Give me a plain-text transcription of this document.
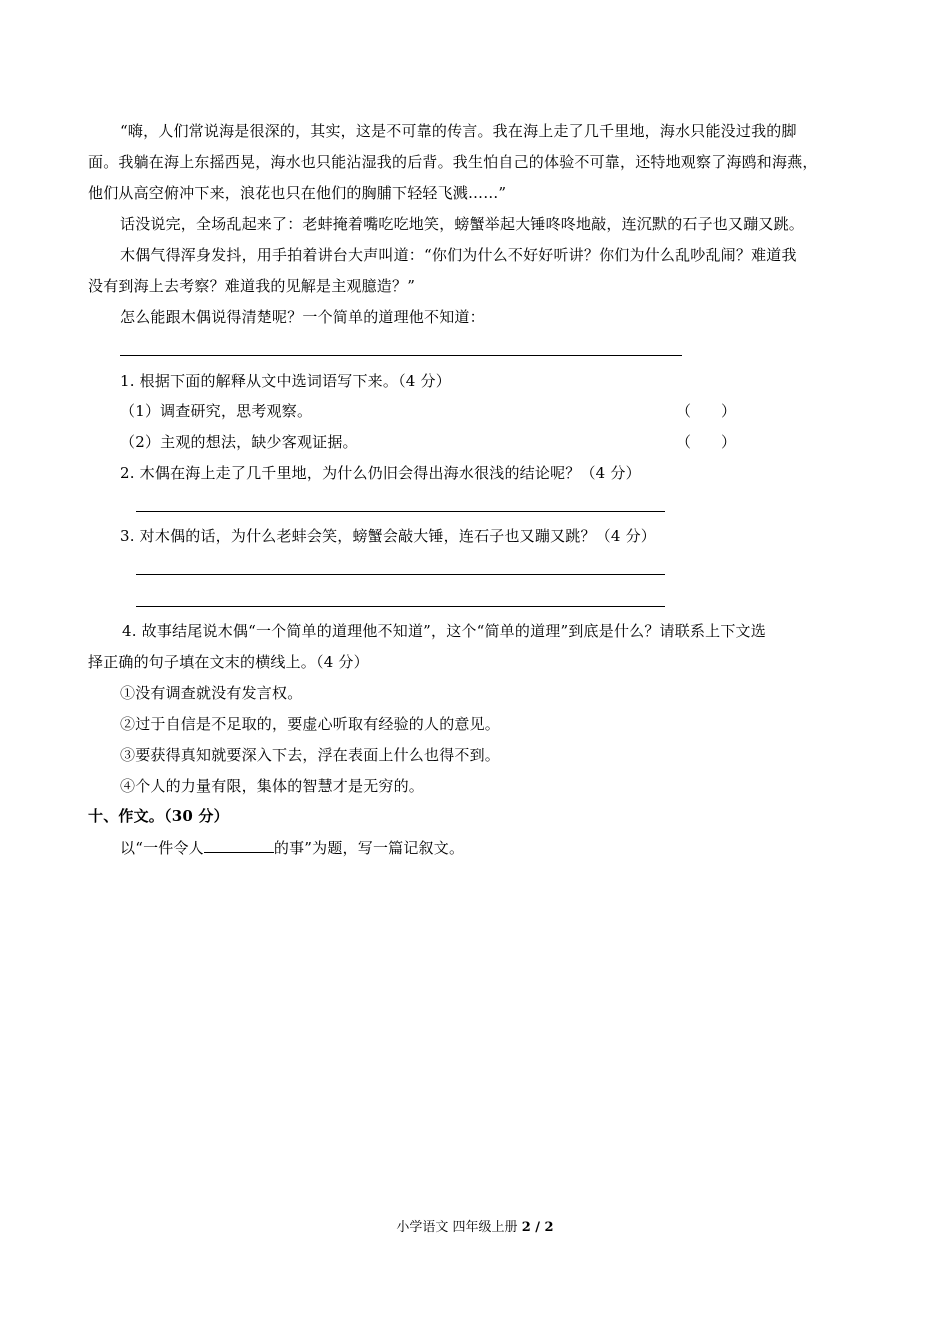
“嗨，人们常说海是很深的，其实，这是不可靠的传言。我在海上走了几千里地，海水只能没过我的脚
面。我躺在海上东摇西晃，海水也只能沾湿我的后背。我生怕自己的体验不可靠，还特地观察了海鸥和海燕，
他们从高空俯冲下来，浪花也只在他们的胸脯下轻轻飞溅……”
话没说完，全场乱起来了：老蚌掩着嘴吃吃地笑，螃蟹举起大锤咚咚地敲，连沉默的石子也又蹦又跳。
木偶气得浑身发抖，用手拍着讲台大声叫道：“你们为什么不好好听讲？你们为什么乱吵乱闹？难道我
没有到海上去考察？难道我的见解是主观臆造？”
怎么能跟木偶说得清楚呢？一个简单的道理他不知道：
1. 根据下面的解释从文中选词语写下来。（4 分）
（1）调查研究，思考观察。	（　　）
（2）主观的想法，缺少客观证据。	（　　）
2. 木偶在海上走了几千里地，为什么仍旧会得出海水很浅的结论呢？（4 分）
3. 对木偶的话，为什么老蚌会笑，螃蟹会敲大锤，连石子也又蹦又跳？（4 分）
4. 故事结尾说木偶“一个简单的道理他不知道”，这个“简单的道理”到底是什么？请联系上下文选
择正确的句子填在文末的横线上。（4 分）
①没有调查就没有发言权。
②过于自信是不足取的，要虚心听取有经验的人的意见。
③要获得真知就要深入下去，浮在表面上什么也得不到。
④个人的力量有限，集体的智慧才是无穷的。
十、作文。（30 分）
以“一件令人	的事”为题，写一篇记叙文。
小学语文 四年级上册 2 / 2
